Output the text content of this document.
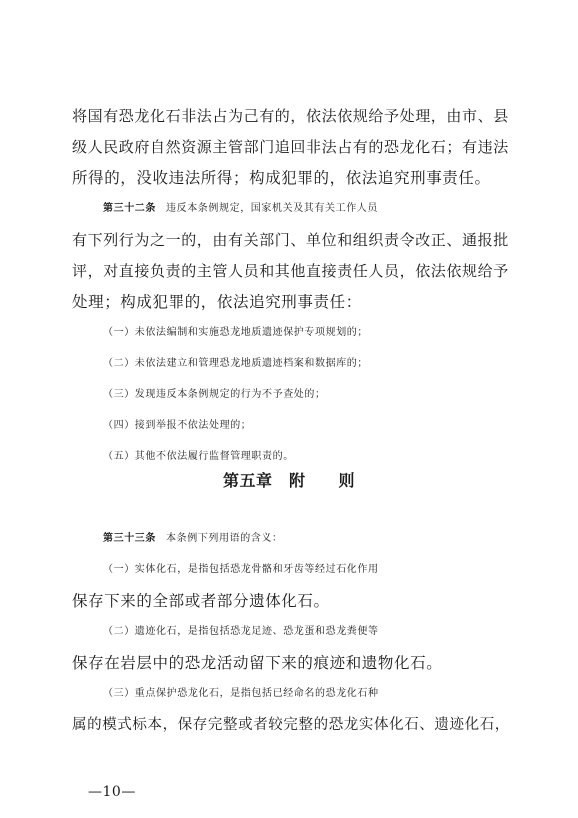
将国有恐龙化石非法占为己有的，依法依规给予处理，由市、县
级人民政府自然资源主管部门追回非法占有的恐龙化石；有违法
所得的，没收违法所得；构成犯罪的，依法追究刑事责任。
第三十二条 违反本条例规定，国家机关及其有关工作人员
有下列行为之一的，由有关部门、单位和组织责令改正、通报批
评，对直接负责的主管人员和其他直接责任人员，依法依规给予
处理；构成犯罪的，依法追究刑事责任：
（一）未依法编制和实施恐龙地质遗迹保护专项规划的；
（二）未依法建立和管理恐龙地质遗迹档案和数据库的；
（三）发现违反本条例规定的行为不予查处的；
（四）接到举报不依法处理的；
（五）其他不依法履行监督管理职责的。
第五章　附　　则
第三十三条 本条例下列用语的含义：
（一）实体化石，是指包括恐龙骨骼和牙齿等经过石化作用
保存下来的全部或者部分遗体化石。
（二）遗迹化石，是指包括恐龙足迹、恐龙蛋和恐龙粪便等
保存在岩层中的恐龙活动留下来的痕迹和遗物化石。
（三）重点保护恐龙化石，是指包括已经命名的恐龙化石种
属的模式标本，保存完整或者较完整的恐龙实体化石、遗迹化石，
—10—
